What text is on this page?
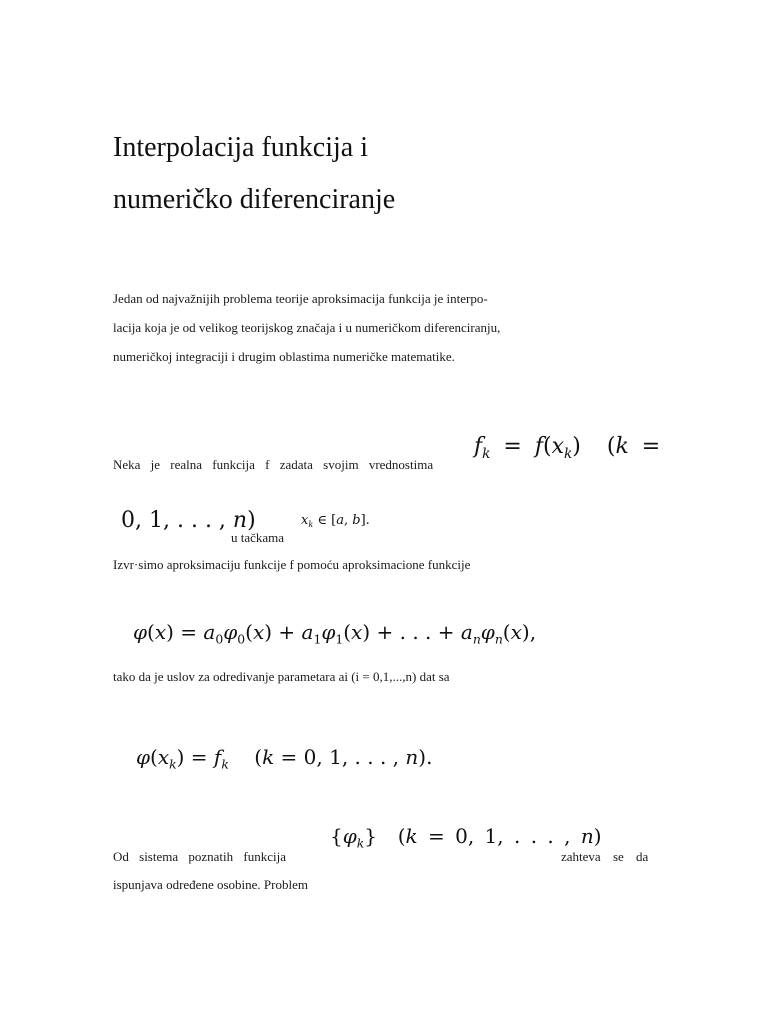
Interpolacija funkcija i
numeričko diferenciranje

Jedan od najvažnijih problema teorije aproksimacija funkcija je interpo-
lacija koja je od velikog teorijskog značaja i u numeričkom diferenciranju,
numeričkoj integraciji i drugim oblastima numeričke matematike.

Neka je realna funkcija f zadata svojim vrednostima
$f_k = f(x_k) (k$ =
0, 1, . . . , n)
u tačkama
$x_k$ ∈ [a, b].
Izvr·simo aproksimaciju funkcije f pomoću aproksimacione funkcije
$\varphi(x) = a_0\varphi_0(x) + a_1\varphi_1(x)$ + . . . + $a_n\varphi_n(x)$,
tako da je uslov za odredivanje parametara ai (i = 0,1,...,n) dat sa
$\varphi(x_k) = f_k$    (k = 0, 1, . . . , n).
Od sistema poznatih funkcija
$\{\varphi_k\} (k = 0$, 1, . . . , n)
zahteva se da
ispunjava određene osobine. Problem
